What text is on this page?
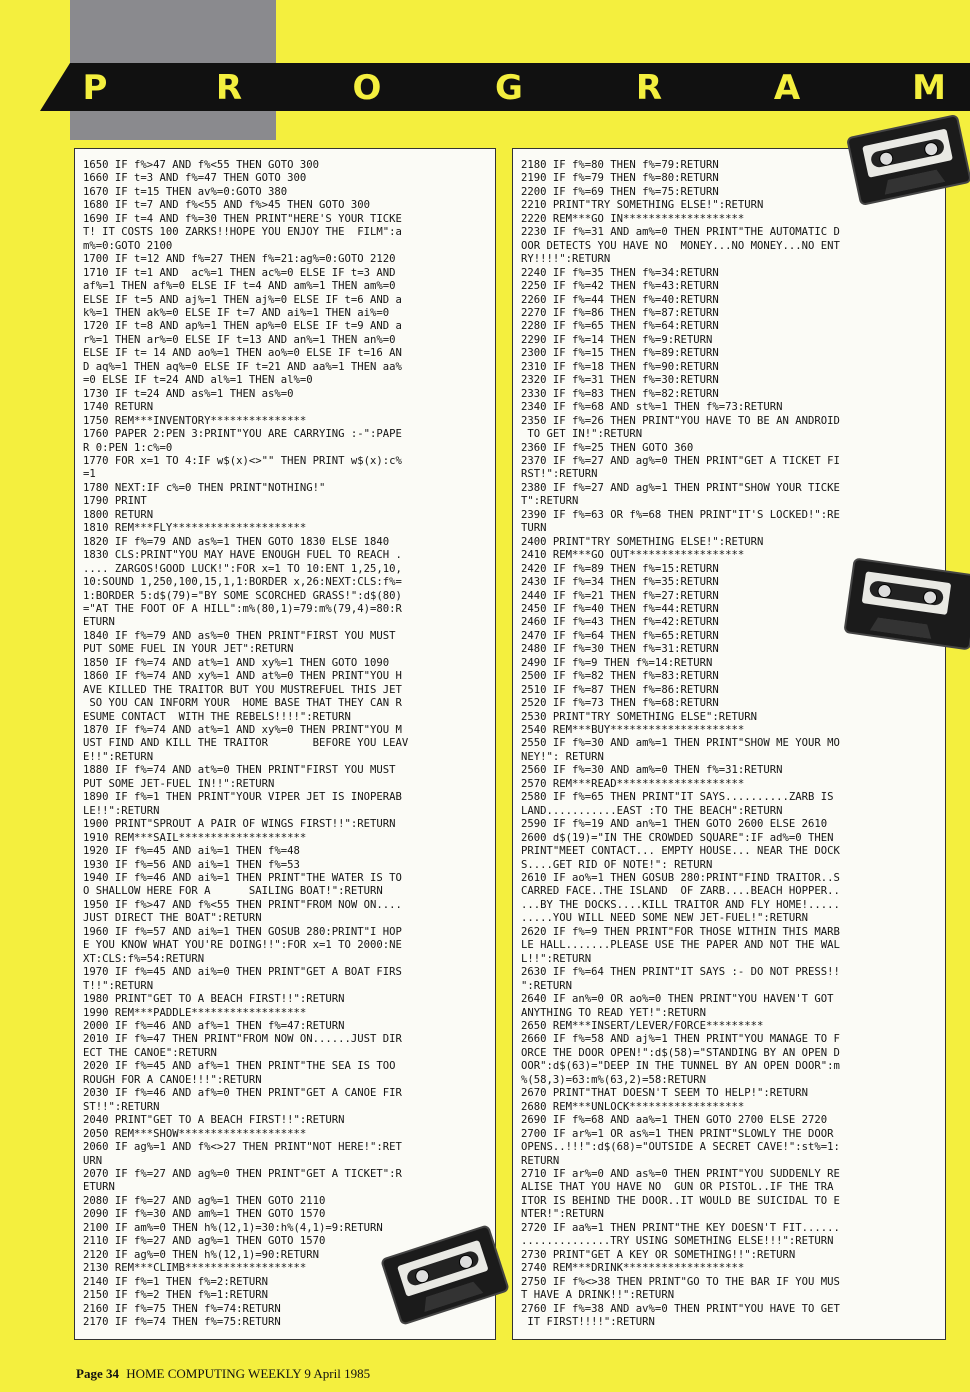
P	R	O	G	R	A	M
1650 IF f%>47 AND f%<55 THEN GOTO 300
1660 IF t=3 AND f%=47 THEN GOTO 300
1670 IF t=15 THEN av%=0:GOTO 380
1680 IF t=7 AND f%<55 AND f%>45 THEN GOTO 300
1690 IF t=4 AND f%=30 THEN PRINT"HERE'S YOUR TICKE
T! IT COSTS 100 ZARKS!!HOPE YOU ENJOY THE  FILM":a
m%=0:GOTO 2100
1700 IF t=12 AND f%=27 THEN f%=21:ag%=0:GOTO 2120
1710 IF t=1 AND  ac%=1 THEN ac%=0 ELSE IF t=3 AND
af%=1 THEN af%=0 ELSE IF t=4 AND am%=1 THEN am%=0
ELSE IF t=5 AND aj%=1 THEN aj%=0 ELSE IF t=6 AND a
k%=1 THEN ak%=0 ELSE IF t=7 AND ai%=1 THEN ai%=0
1720 IF t=8 AND ap%=1 THEN ap%=0 ELSE IF t=9 AND a
r%=1 THEN ar%=0 ELSE IF t=13 AND an%=1 THEN an%=0
ELSE IF t= 14 AND ao%=1 THEN ao%=0 ELSE IF t=16 AN
D aq%=1 THEN aq%=0 ELSE IF t=21 AND aa%=1 THEN aa%
=0 ELSE IF t=24 AND al%=1 THEN al%=0
1730 IF t=24 AND as%=1 THEN as%=0
1740 RETURN
1750 REM***INVENTORY***************
1760 PAPER 2:PEN 3:PRINT"YOU ARE CARRYING :-":PAPE
R 0:PEN 1:c%=0
1770 FOR x=1 TO 4:IF w$(x)<>"" THEN PRINT w$(x):c%
=1
1780 NEXT:IF c%=0 THEN PRINT"NOTHING!"
1790 PRINT
1800 RETURN
1810 REM***FLY*********************
1820 IF f%=79 AND as%=1 THEN GOTO 1830 ELSE 1840
1830 CLS:PRINT"YOU MAY HAVE ENOUGH FUEL TO REACH .
.... ZARGOS!GOOD LUCK!":FOR x=1 TO 10:ENT 1,25,10,
10:SOUND 1,250,100,15,1,1:BORDER x,26:NEXT:CLS:f%=
1:BORDER 5:d$(79)="BY SOME SCORCHED GRASS!":d$(80)
="AT THE FOOT OF A HILL":m%(80,1)=79:m%(79,4)=80:R
ETURN
1840 IF f%=79 AND as%=0 THEN PRINT"FIRST YOU MUST
PUT SOME FUEL IN YOUR JET":RETURN
1850 IF f%=74 AND at%=1 AND xy%=1 THEN GOTO 1090
1860 IF f%=74 AND xy%=1 AND at%=0 THEN PRINT"YOU H
AVE KILLED THE TRAITOR BUT YOU MUSTREFUEL THIS JET
SO YOU CAN INFORM YOUR  HOME BASE THAT THEY CAN R
ESUME CONTACT  WITH THE REBELS!!!!":RETURN
1870 IF f%=74 AND at%=1 AND xy%=0 THEN PRINT"YOU M
UST FIND AND KILL THE TRAITOR       BEFORE YOU LEAV
E!!":RETURN
1880 IF f%=74 AND at%=0 THEN PRINT"FIRST YOU MUST
PUT SOME JET-FUEL IN!!":RETURN
1890 IF f%=1 THEN PRINT"YOUR VIPER JET IS INOPERAB
LE!!":RETURN
1900 PRINT"SPROUT A PAIR OF WINGS FIRST!!":RETURN
1910 REM***SAIL********************
1920 IF f%=45 AND ai%=1 THEN f%=48
1930 IF f%=56 AND ai%=1 THEN f%=53
1940 IF f%=46 AND ai%=1 THEN PRINT"THE WATER IS TO
O SHALLOW HERE FOR A      SAILING BOAT!":RETURN
1950 IF f%>47 AND f%<55 THEN PRINT"FROM NOW ON....
JUST DIRECT THE BOAT":RETURN
1960 IF f%=57 AND ai%=1 THEN GOSUB 280:PRINT"I HOP
E YOU KNOW WHAT YOU'RE DOING!!":FOR x=1 TO 2000:NE
XT:CLS:f%=54:RETURN
1970 IF f%=45 AND ai%=0 THEN PRINT"GET A BOAT FIRS
T!!":RETURN
1980 PRINT"GET TO A BEACH FIRST!!":RETURN
1990 REM***PADDLE******************
2000 IF f%=46 AND af%=1 THEN f%=47:RETURN
2010 IF f%=47 THEN PRINT"FROM NOW ON......JUST DIR
ECT THE CANOE":RETURN
2020 IF f%=45 AND af%=1 THEN PRINT"THE SEA IS TOO
ROUGH FOR A CANOE!!!":RETURN
2030 IF f%=46 AND af%=0 THEN PRINT"GET A CANOE FIR
ST!!":RETURN
2040 PRINT"GET TO A BEACH FIRST!!":RETURN
2050 REM***SHOW********************
2060 IF ag%=1 AND f%<>27 THEN PRINT"NOT HERE!":RET
URN
2070 IF f%=27 AND ag%=0 THEN PRINT"GET A TICKET":R
ETURN
2080 IF f%=27 AND ag%=1 THEN GOTO 2110
2090 IF f%=30 AND am%=1 THEN GOTO 1570
2100 IF am%=0 THEN h%(12,1)=30:h%(4,1)=9:RETURN
2110 IF f%=27 AND ag%=1 THEN GOTO 1570
2120 IF ag%=0 THEN h%(12,1)=90:RETURN
2130 REM***CLIMB*******************
2140 IF f%=1 THEN f%=2:RETURN
2150 IF f%=2 THEN f%=1:RETURN
2160 IF f%=75 THEN f%=74:RETURN
2170 IF f%=74 THEN f%=75:RETURN

2180 IF f%=80 THEN f%=79:RETURN
2190 IF f%=79 THEN f%=80:RETURN
2200 IF f%=69 THEN f%=75:RETURN
2210 PRINT"TRY SOMETHING ELSE!":RETURN
2220 REM***GO IN*******************
2230 IF f%=31 AND am%=0 THEN PRINT"THE AUTOMATIC D
OOR DETECTS YOU HAVE NO  MONEY...NO MONEY...NO ENT
RY!!!!":RETURN
2240 IF f%=35 THEN f%=34:RETURN
2250 IF f%=42 THEN f%=43:RETURN
2260 IF f%=44 THEN f%=40:RETURN
2270 IF f%=86 THEN f%=87:RETURN
2280 IF f%=65 THEN f%=64:RETURN
2290 IF f%=14 THEN f%=9:RETURN
2300 IF f%=15 THEN f%=89:RETURN
2310 IF f%=18 THEN f%=90:RETURN
2320 IF f%=31 THEN f%=30:RETURN
2330 IF f%=83 THEN f%=82:RETURN
2340 IF f%=68 AND st%=1 THEN f%=73:RETURN
2350 IF f%=26 THEN PRINT"YOU HAVE TO BE AN ANDROID
TO GET IN!":RETURN
2360 IF f%=25 THEN GOTO 360
2370 IF f%=27 AND ag%=0 THEN PRINT"GET A TICKET FI
RST!":RETURN
2380 IF f%=27 AND ag%=1 THEN PRINT"SHOW YOUR TICKE
T":RETURN
2390 IF f%=63 OR f%=68 THEN PRINT"IT'S LOCKED!":RE
TURN
2400 PRINT"TRY SOMETHING ELSE!":RETURN
2410 REM***GO OUT******************
2420 IF f%=89 THEN f%=15:RETURN
2430 IF f%=34 THEN f%=35:RETURN
2440 IF f%=21 THEN f%=27:RETURN
2450 IF f%=40 THEN f%=44:RETURN
2460 IF f%=43 THEN f%=42:RETURN
2470 IF f%=64 THEN f%=65:RETURN
2480 IF f%=30 THEN f%=31:RETURN
2490 IF f%=9 THEN f%=14:RETURN
2500 IF f%=82 THEN f%=83:RETURN
2510 IF f%=87 THEN f%=86:RETURN
2520 IF f%=73 THEN f%=68:RETURN
2530 PRINT"TRY SOMETHING ELSE":RETURN
2540 REM***BUY*********************
2550 IF f%=30 AND am%=1 THEN PRINT"SHOW ME YOUR MO
NEY!": RETURN
2560 IF f%=30 AND am%=0 THEN f%=31:RETURN
2570 REM***READ********************
2580 IF f%=65 THEN PRINT"IT SAYS..........ZARB IS
LAND...........EAST :TO THE BEACH":RETURN
2590 IF f%=19 AND an%=1 THEN GOTO 2600 ELSE 2610
2600 d$(19)="IN THE CROWDED SQUARE":IF ad%=0 THEN
PRINT"MEET CONTACT... EMPTY HOUSE... NEAR THE DOCK
S....GET RID OF NOTE!": RETURN
2610 IF ao%=1 THEN GOSUB 280:PRINT"FIND TRAITOR..S
CARRED FACE..THE ISLAND  OF ZARB....BEACH HOPPER..
...BY THE DOCKS....KILL TRAITOR AND FLY HOME!.....
.....YOU WILL NEED SOME NEW JET-FUEL!":RETURN
2620 IF f%=9 THEN PRINT"FOR THOSE WITHIN THIS MARB
LE HALL.......PLEASE USE THE PAPER AND NOT THE WAL
L!!":RETURN
2630 IF f%=64 THEN PRINT"IT SAYS :- DO NOT PRESS!!
":RETURN
2640 IF an%=0 OR ao%=0 THEN PRINT"YOU HAVEN'T GOT
ANYTHING TO READ YET!":RETURN
2650 REM***INSERT/LEVER/FORCE*********
2660 IF f%=58 AND aj%=1 THEN PRINT"YOU MANAGE TO F
ORCE THE DOOR OPEN!":d$(58)="STANDING BY AN OPEN D
OOR":d$(63)="DEEP IN THE TUNNEL BY AN OPEN DOOR":m
%(58,3)=63:m%(63,2)=58:RETURN
2670 PRINT"THAT DOESN'T SEEM TO HELP!":RETURN
2680 REM***UNLOCK******************
2690 IF f%=68 AND aa%=1 THEN GOTO 2700 ELSE 2720
2700 IF ar%=1 OR as%=1 THEN PRINT"SLOWLY THE DOOR
OPENS..!!!":d$(68)="OUTSIDE A SECRET CAVE!":st%=1:
RETURN
2710 IF ar%=0 AND as%=0 THEN PRINT"YOU SUDDENLY RE
ALISE THAT YOU HAVE NO  GUN OR PISTOL..IF THE TRA
ITOR IS BEHIND THE DOOR..IT WOULD BE SUICIDAL TO E
NTER!":RETURN
2720 IF aa%=1 THEN PRINT"THE KEY DOESN'T FIT......
..............TRY USING SOMETHING ELSE!!!":RETURN
2730 PRINT"GET A KEY OR SOMETHING!!":RETURN
2740 REM***DRINK*******************
2750 IF f%<>38 THEN PRINT"GO TO THE BAR IF YOU MUS
T HAVE A DRINK!!":RETURN
2760 IF f%=38 AND av%=0 THEN PRINT"YOU HAVE TO GET
IT FIRST!!!!":RETURN

Page 34 HOME COMPUTING WEEKLY 9 April 1985
